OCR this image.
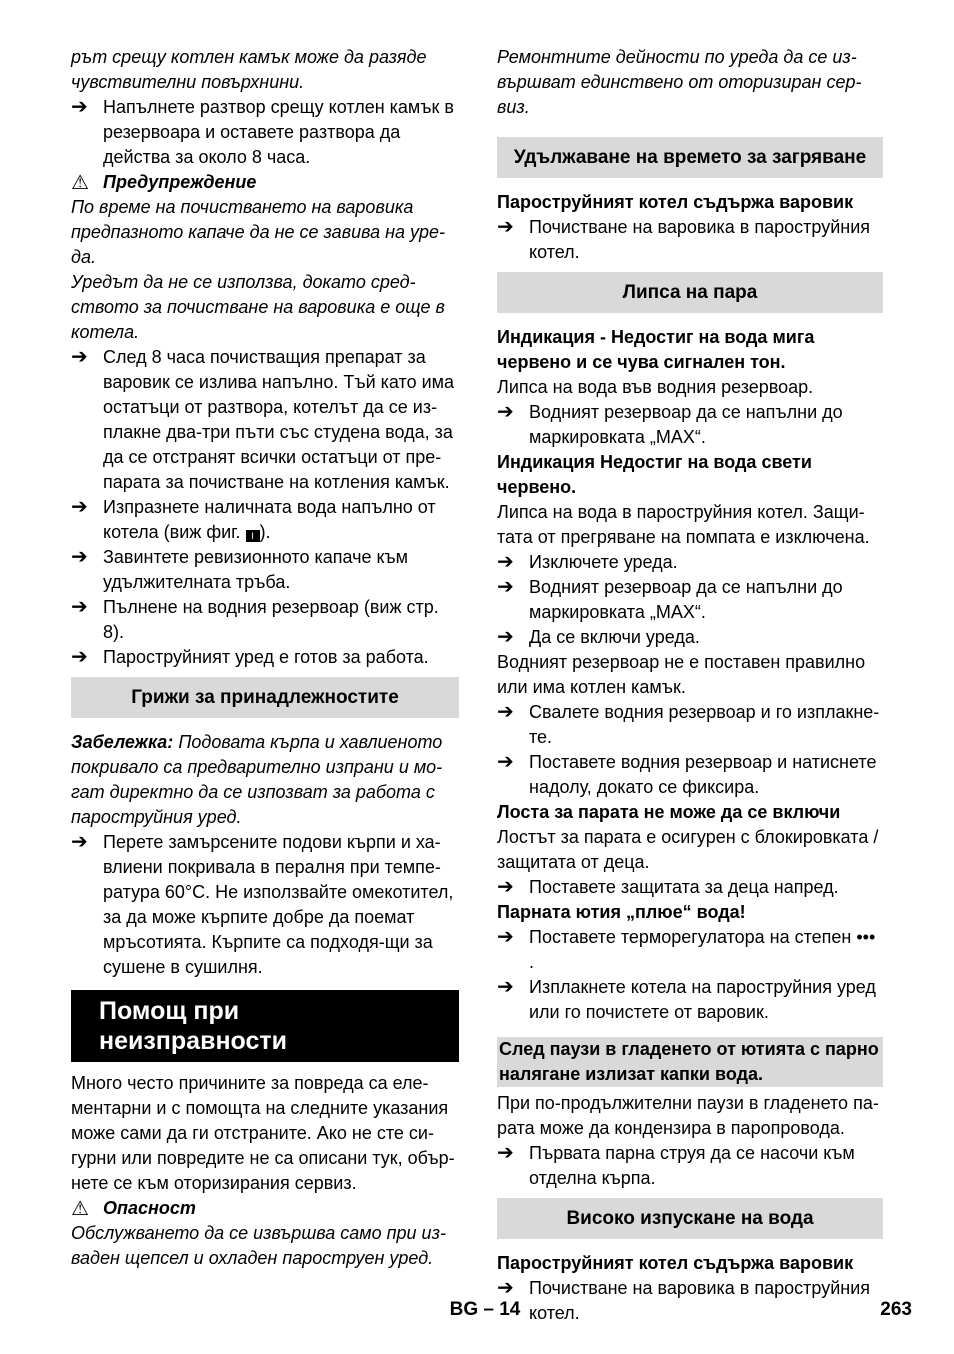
рът срещу котлен камък може да разяде

чувствителни повърхнини.

➔ Напълнете разтвор срещу котлен камък в резервоара и оставете разтвора да действа за около 8 часа.

⚠ Предупреждение

По време на почистването на варовика предпазното капаче да не се завива на уре-да.

Уредът да не се използва, докато сред-ството за почистване на варовика е още в котела.

➔ След 8 часа почистващия препарат за варовик се излива напълно. Тъй като има остатъци от разтвора, котелът да се из-плакне два-три пъти със студена вода, за да се отстранят всички остатъци от пре-парата за почистване на котления камък.

➔ Изпразнете наличната вода напълно от котела (виж фиг. I ).

➔ Завинтете ревизионното капаче към удължителната тръба.

➔ Пълнене на водния резервоар (виж стр. 8).

➔ Пароструйният уред е готов за работа.

Грижи за принадлежностите

Забележка: Подовата кърпа и хавлиеното покривало са предварително изпрани и мо-гат директно да се изпозват за работа с пароструйния уред.

➔ Перете замърсените подови кърпи и ха-влиени покривала в пералня при темпе-ратура 60°C. Не използвайте омекотител, за да може кърпите добре да поемат мръсотията. Кърпите са подходя-щи за сушене в сушилня.

Помощ при неизправности

Много често причините за повреда са еле-ментарни и с помощта на следните указания може сами да ги отстраните. Ако не сте си-гурни или повредите не са описани тук, обър-нете се към оторизирания сервиз.

⚠ Опасност

Обслужването да се извършва само при из-ваден щепсел и охладен пароструен уред.

Ремонтните дейности по уреда да се из-вършват единствено от оторизиран сер-виз.

Удължаване на времето за загряване

Пароструйният котел съдържа варовик

➔ Почистване на варовика в пароструйния котел.

Липса на пара

Индикация - Недостиг на вода мига червено и се чува сигнален тон.

Липса на вода във водния резервоар.

➔ Водният резервоар да се напълни до маркировката „MAX“.

Индикация Недостиг на вода свети червено.

Липса на вода в пароструйния котел. Защи-тата от прегряване на помпата е изключена.

➔ Изключете уреда.

➔ Водният резервоар да се напълни до маркировката „MAX“.

➔ Да се включи уреда.

Водният резервоар не е поставен правилно или има котлен камък.

➔ Свалете водния резервоар и го изплакне-те.

➔ Поставете водния резервоар и натиснете надолу, докато се фиксира.

Лоста за парата не може да се включи

Лостът за парата е осигурен с блокировката / защитата от деца.

➔ Поставете защитата за деца напред.

Парната ютия „плюе“ вода!

➔ Поставете терморегулатора на степен ••• .

➔ Изплакнете котела на пароструйния уред или го почистете от варовик.

След паузи в гладенето от ютията с парно налягане излизат капки вода.

При по-продължителни паузи в гладенето па-рата може да кондензира в паропровода.

➔ Първата парна струя да се насочи към отделна кърпа.

Високо изпускане на вода

Пароструйният котел съдържа варовик

➔ Почистване на варовика в пароструйния котел.

BG – 14	263
